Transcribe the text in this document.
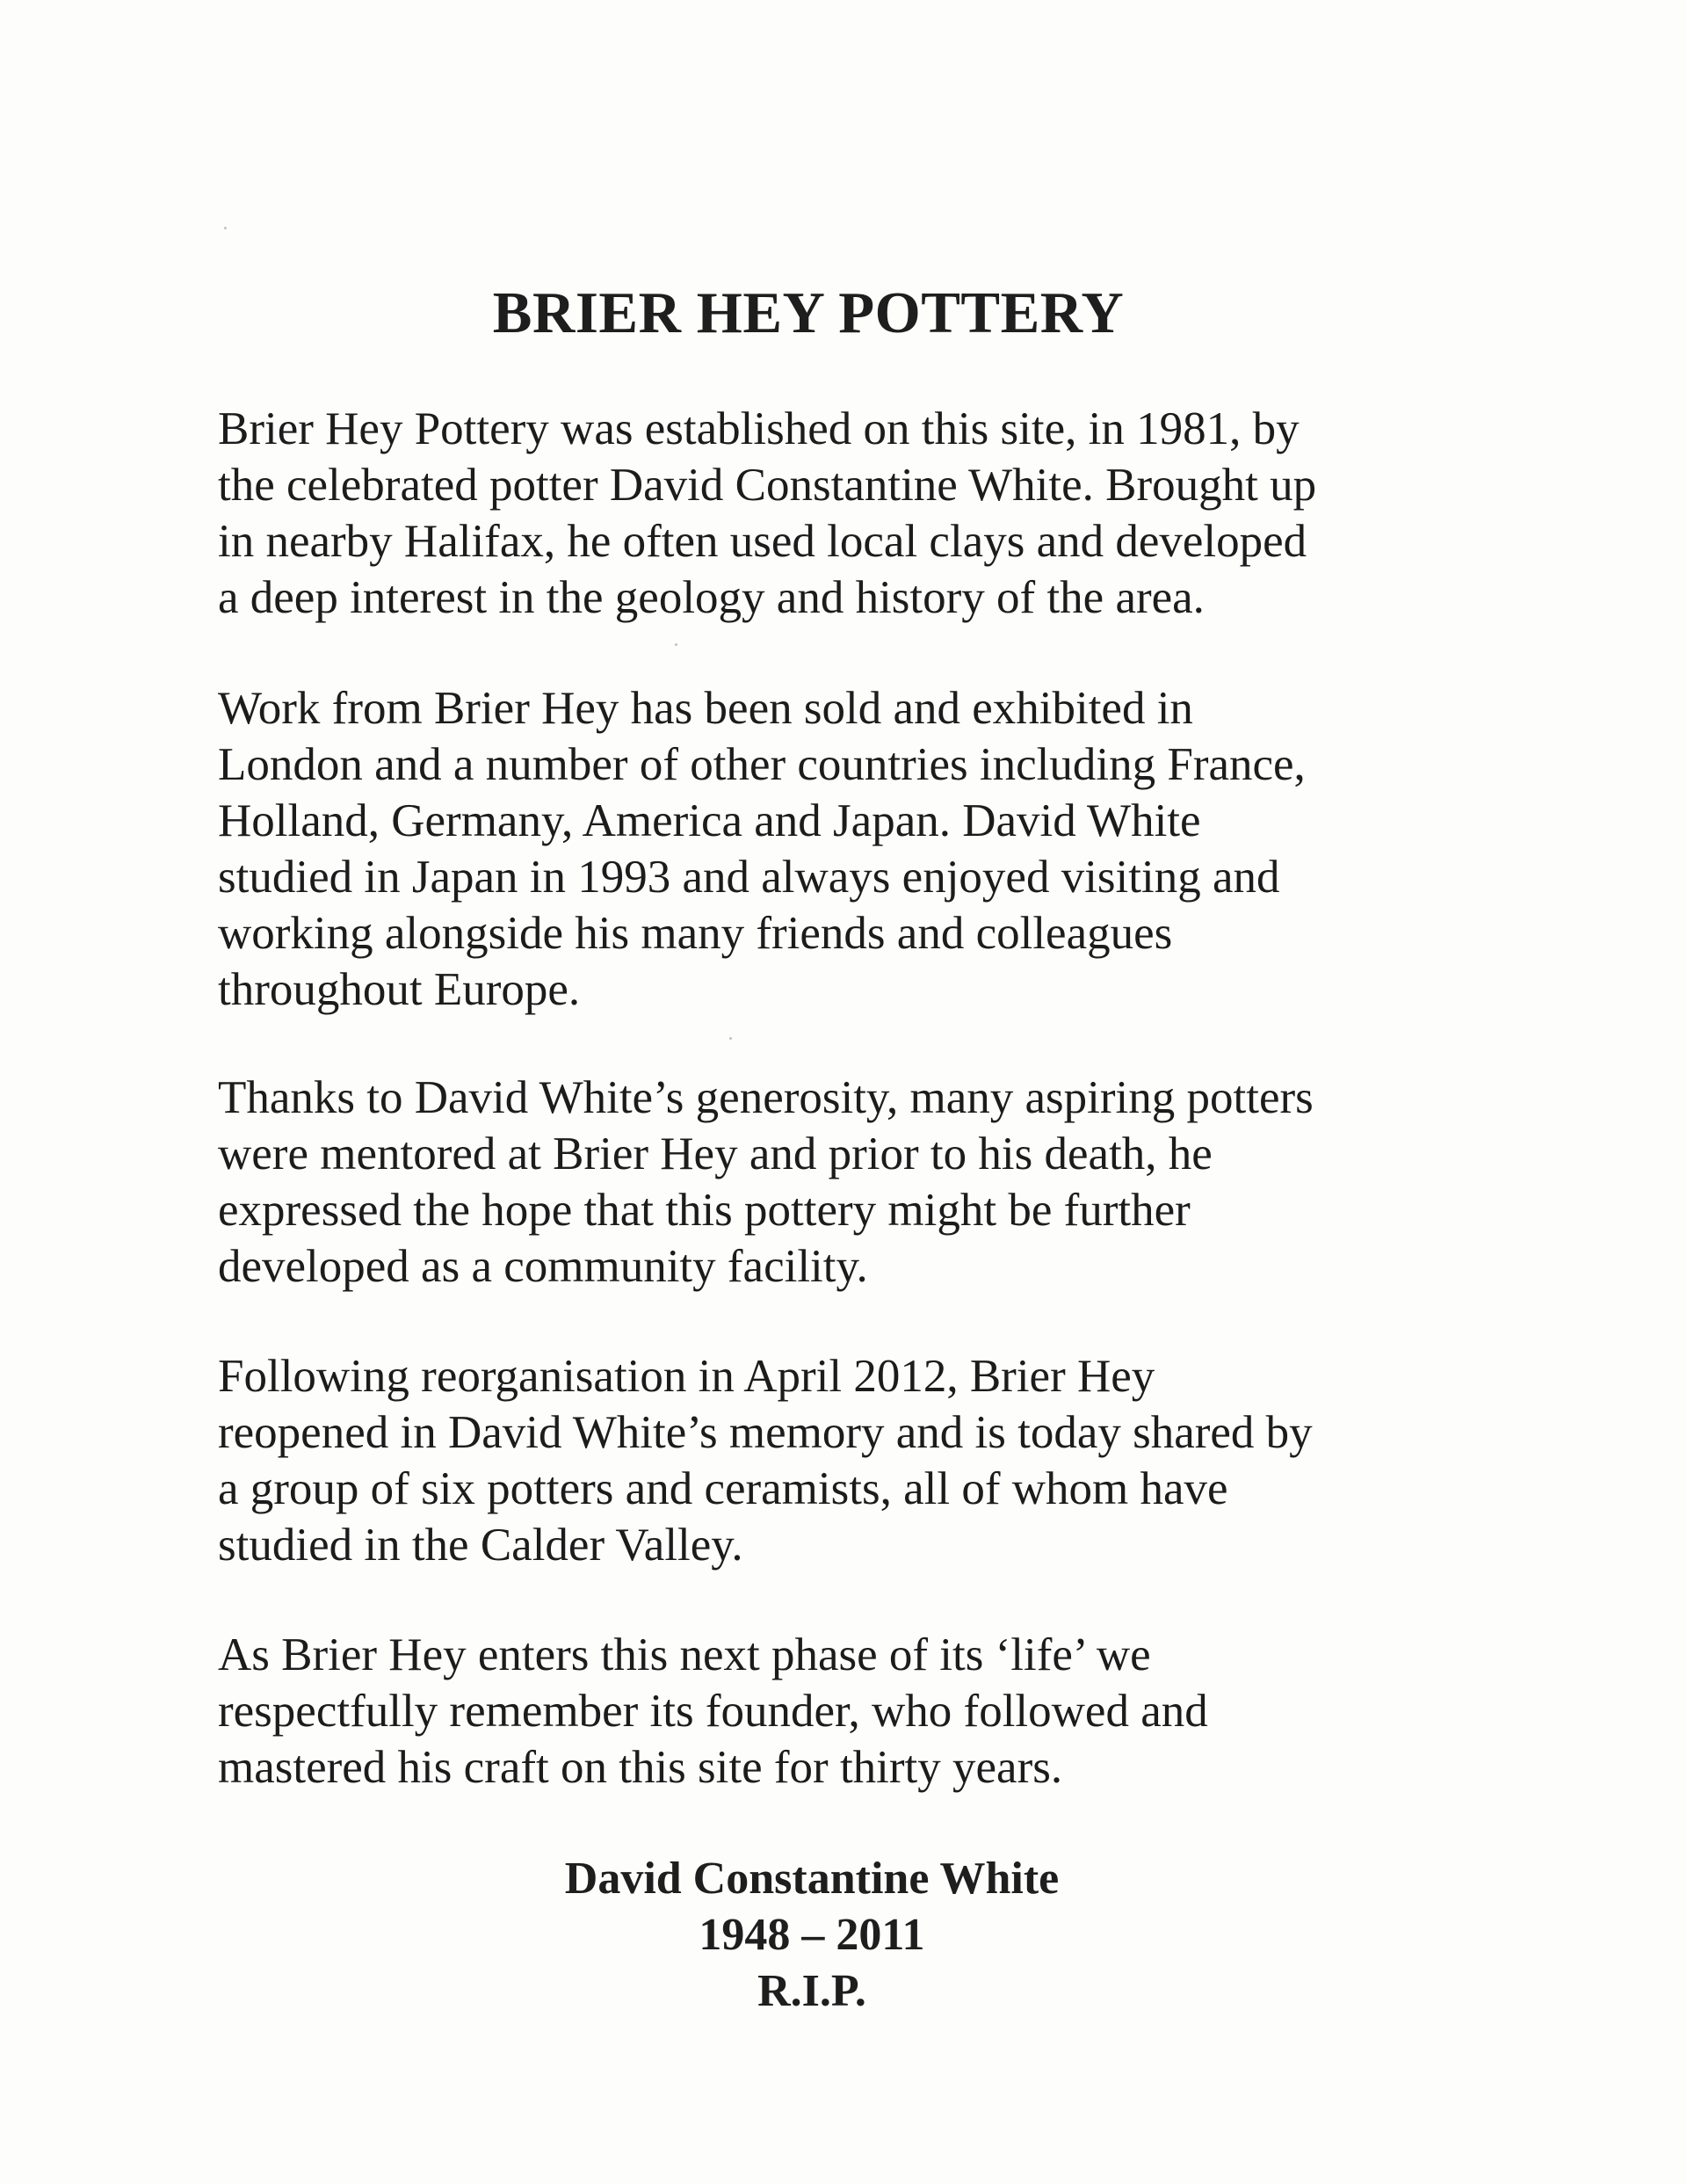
BRIER HEY POTTERY
Brier Hey Pottery was established on this site, in 1981, by
the celebrated potter David Constantine White. Brought up
in nearby Halifax, he often used local clays and developed
a deep interest in the geology and history of the area.
Work from Brier Hey has been sold and exhibited in
London and a number of other countries including France,
Holland, Germany, America and Japan. David White
studied in Japan in 1993 and always enjoyed visiting and
working alongside his many friends and colleagues
throughout Europe.
Thanks to David White’s generosity, many aspiring potters
were mentored at Brier Hey and prior to his death, he
expressed the hope that this pottery might be further
developed as a community facility.
Following reorganisation in April 2012, Brier Hey
reopened in David White’s memory and is today shared by
a group of six potters and ceramists, all of whom have
studied in the Calder Valley.
As Brier Hey enters this next phase of its ‘life’ we
respectfully remember its founder, who followed and
mastered his craft on this site for thirty years.
David Constantine White
1948 – 2011
R.I.P.
